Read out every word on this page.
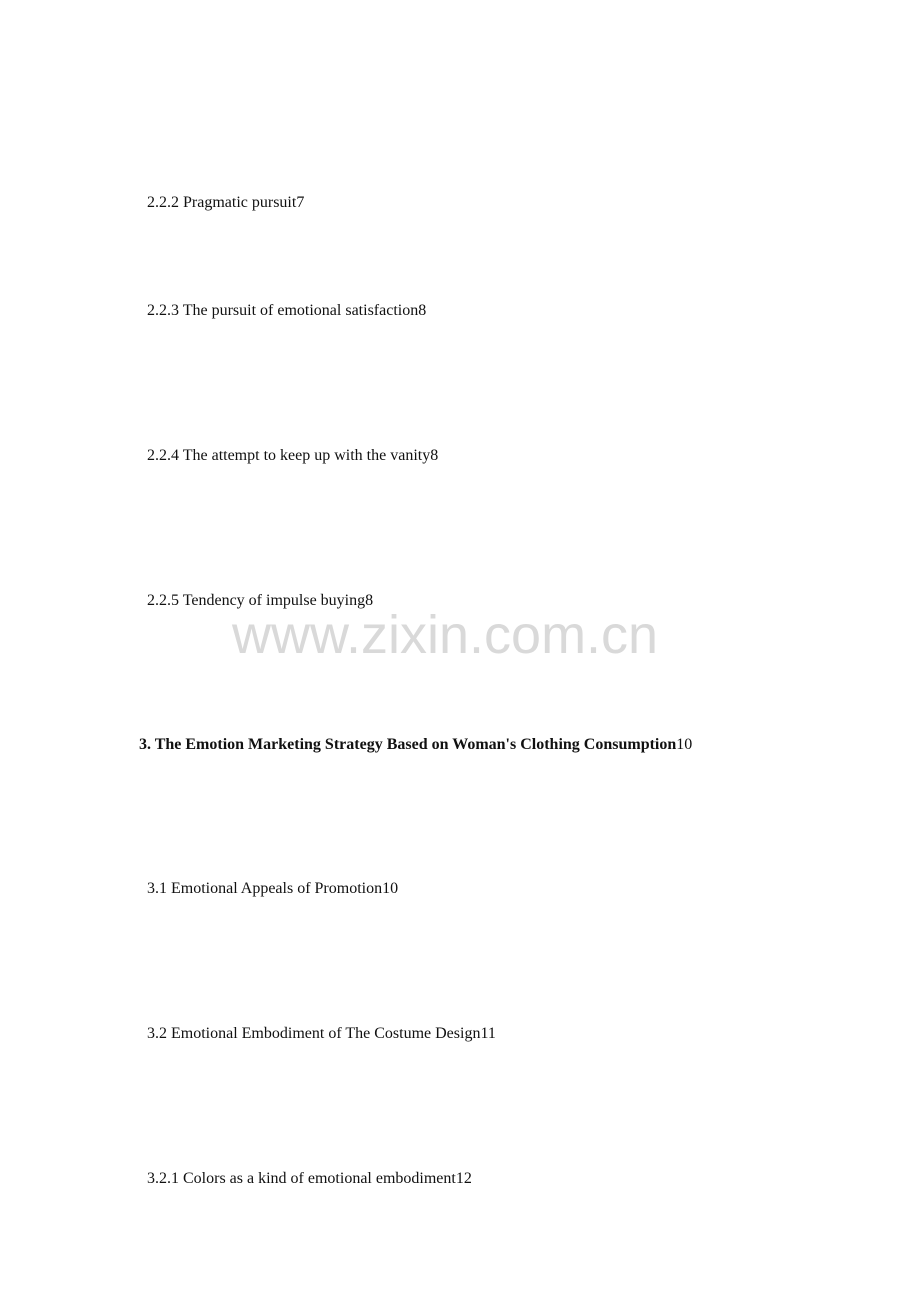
2.2.2 Pragmatic pursuit7
2.2.3 The pursuit of emotional satisfaction8
2.2.4 The attempt to keep up with the vanity8
2.2.5 Tendency of impulse buying8
www.zixin.com.cn
3. The Emotion Marketing Strategy Based on Woman's Clothing Consumption10
3.1 Emotional Appeals of Promotion10
3.2 Emotional Embodiment of The Costume Design11
3.2.1 Colors as a kind of emotional embodiment12
